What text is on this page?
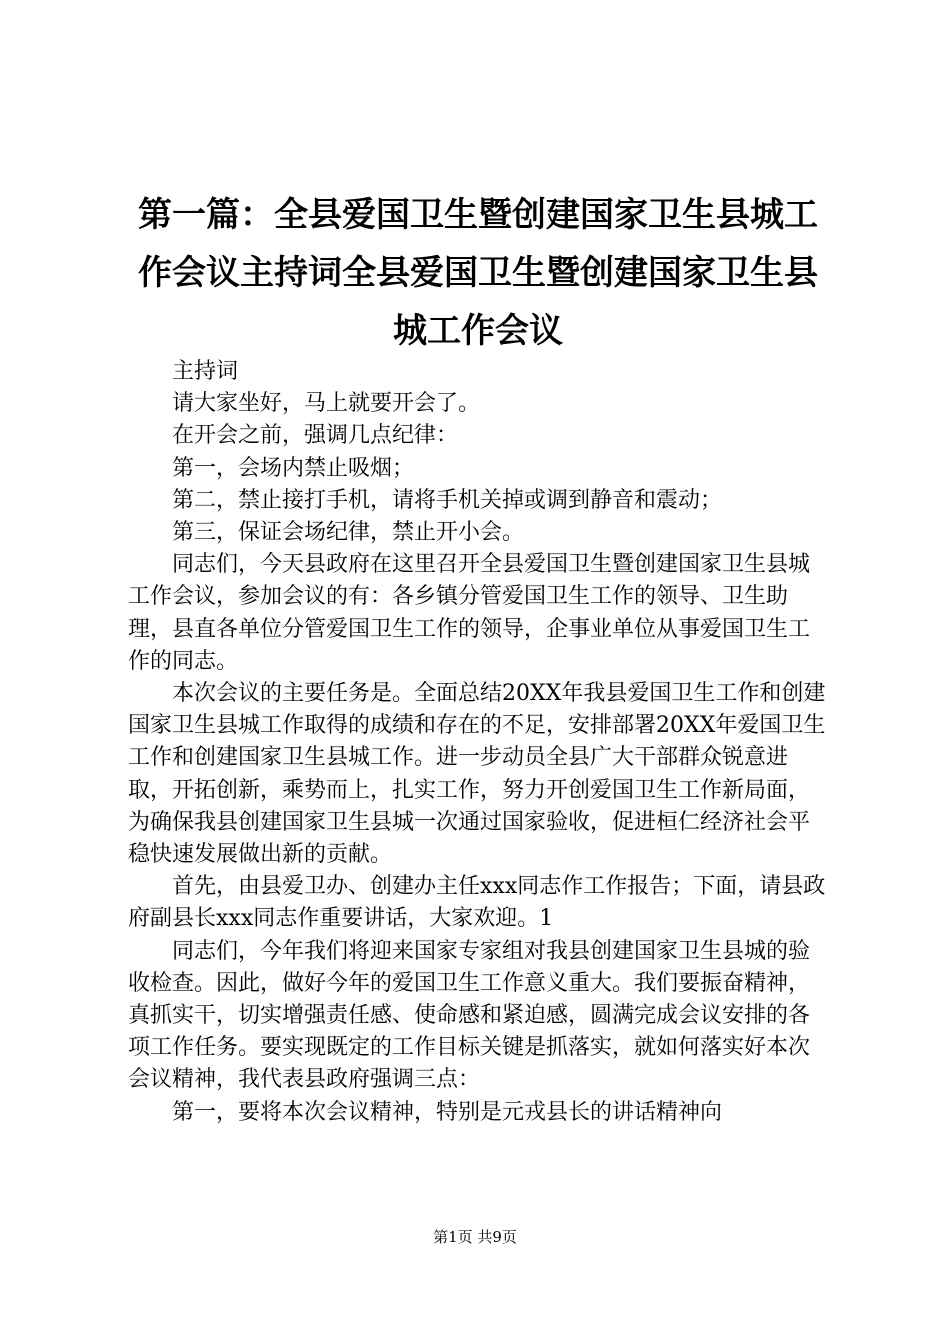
第一篇：全县爱国卫生暨创建国家卫生县城工作会议主持词全县爱国卫生暨创建国家卫生县城工作会议

主持词

请大家坐好，马上就要开会了。

在开会之前，强调几点纪律：

第一，会场内禁止吸烟；

第二，禁止接打手机，请将手机关掉或调到静音和震动；

第三，保证会场纪律，禁止开小会。

同志们，今天县政府在这里召开全县爱国卫生暨创建国家卫生县城工作会议，参加会议的有：各乡镇分管爱国卫生工作的领导、卫生助理，县直各单位分管爱国卫生工作的领导，企事业单位从事爱国卫生工作的同志。

本次会议的主要任务是。全面总结20XX年我县爱国卫生工作和创建国家卫生县城工作取得的成绩和存在的不足，安排部署20XX年爱国卫生工作和创建国家卫生县城工作。进一步动员全县广大干部群众锐意进取，开拓创新，乘势而上，扎实工作，努力开创爱国卫生工作新局面，为确保我县创建国家卫生县城一次通过国家验收，促进桓仁经济社会平稳快速发展做出新的贡献。

首先，由县爱卫办、创建办主任xxx同志作工作报告；下面，请县政府副县长xxx同志作重要讲话，大家欢迎。1

同志们，今年我们将迎来国家专家组对我县创建国家卫生县城的验收检查。因此，做好今年的爱国卫生工作意义重大。我们要振奋精神，真抓实干，切实增强责任感、使命感和紧迫感，圆满完成会议安排的各项工作任务。要实现既定的工作目标关键是抓落实，就如何落实好本次会议精神，我代表县政府强调三点：

第一，要将本次会议精神，特别是元戎县长的讲话精神向

第1页 共9页
